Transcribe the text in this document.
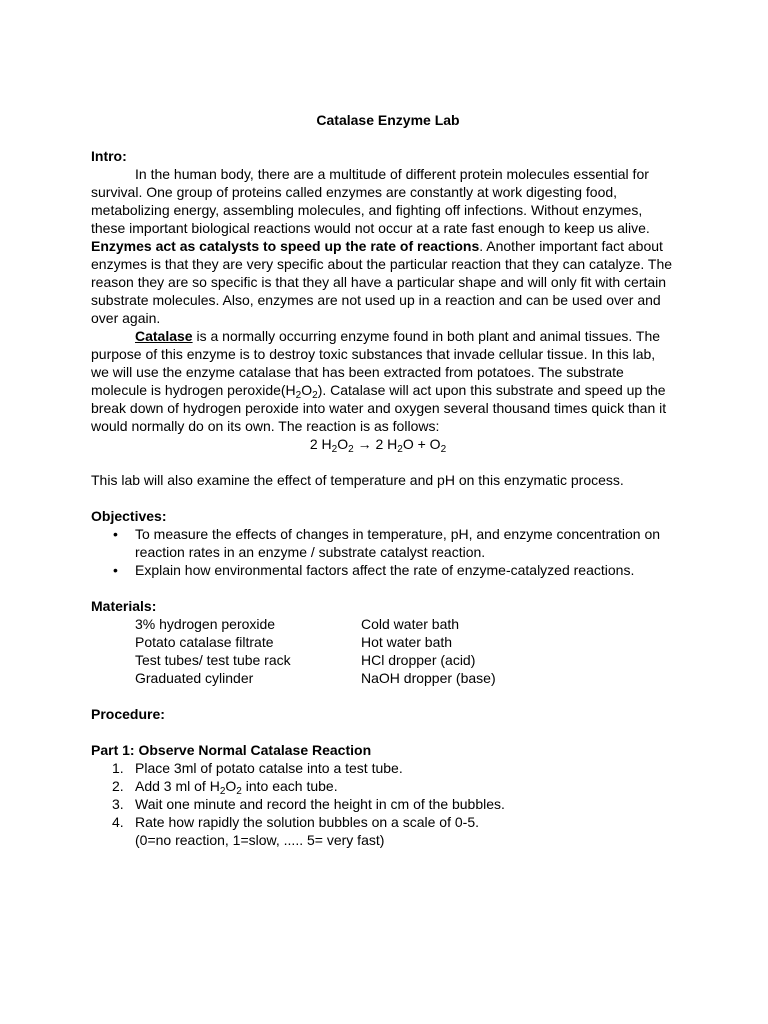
Catalase Enzyme Lab

Intro:

In the human body, there are a multitude of different protein molecules essential for survival. One group of proteins called enzymes are constantly at work digesting food, metabolizing energy, assembling molecules, and fighting off infections. Without enzymes, these important biological reactions would not occur at a rate fast enough to keep us alive. Enzymes act as catalysts to speed up the rate of reactions. Another important fact about enzymes is that they are very specific about the particular reaction that they can catalyze. The reason they are so specific is that they all have a particular shape and will only fit with certain substrate molecules. Also, enzymes are not used up in a reaction and can be used over and over again.

Catalase is a normally occurring enzyme found in both plant and animal tissues. The purpose of this enzyme is to destroy toxic substances that invade cellular tissue. In this lab, we will use the enzyme catalase that has been extracted from potatoes. The substrate molecule is hydrogen $peroxide(H_2O_2)$. Catalase will act upon this substrate and speed up the break down of hydrogen peroxide into water and oxygen several thousand times quick than it would normally do on its own. The reaction is as follows:

2 $H_2O_2 \to 2$ $H_2O + O_2$

This lab will also examine the effect of temperature and pH on this enzymatic process.

Objectives:

• To measure the effects of changes in temperature, pH, and enzyme concentration on reaction rates in an enzyme / substrate catalyst reaction.
• Explain how environmental factors affect the rate of enzyme-catalyzed reactions.

Materials:

3% hydrogen peroxide	Cold water bath
Potato catalase filtrate	Hot water bath
Test tubes/ test tube rack	HCl dropper (acid)
Graduated cylinder	NaOH dropper (base)

Procedure:

Part 1: Observe Normal Catalase Reaction

1. Place 3ml of potato catalse into a test tube.
2. Add 3 ml of $H_2O_2$ into each tube.
3. Wait one minute and record the height in cm of the bubbles.
4. Rate how rapidly the solution bubbles on a scale of 0-5.
(0=no reaction, 1=slow, ..... 5= very fast)
